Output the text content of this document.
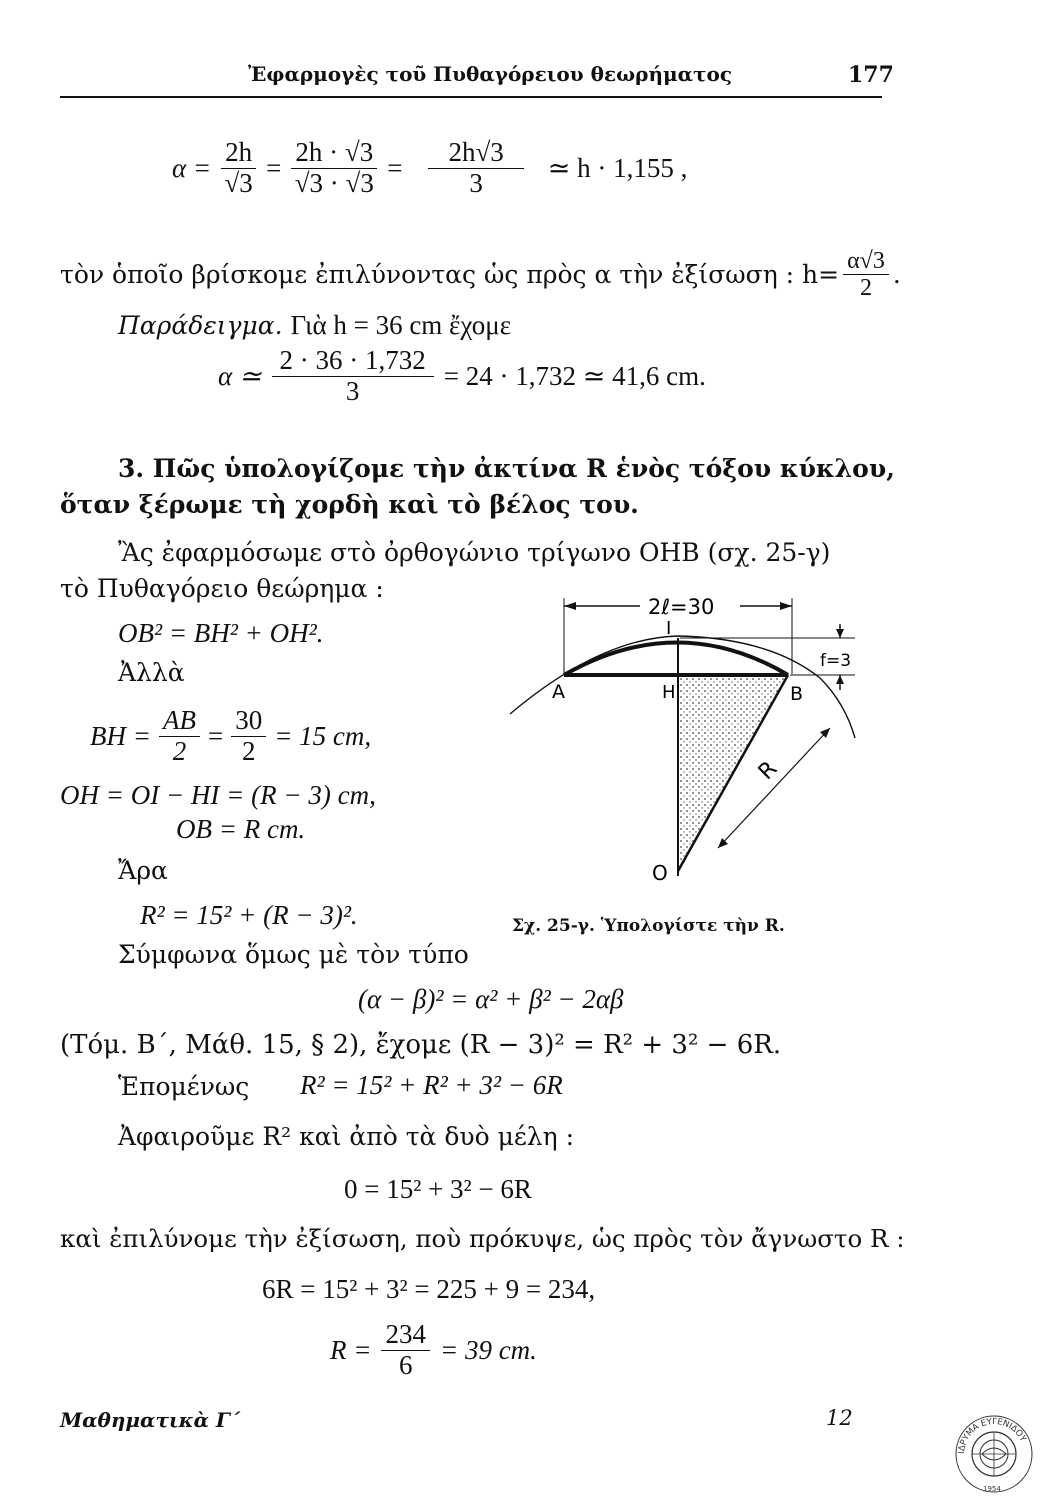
Ἐφαρμογὲς τοῦ Πυθαγόρειου θεωρήματος	177
$\alpha = \frac{2h}{√3} = \frac{2h \cdot √3}{√3 \cdot √3} = \frac{2h√3}{3}$ ≃ h · 1,155 ,
τὸν ὁποῖο βρίσκομε ἐπιλύνοντας ὡς πρὸς α τὴν ἐξίσωση : $h= \frac{\alpha√3}{2}$ .
Παράδειγμα. Γιὰ h = 36 cm ἔχομε
α ≃ $\frac{2 \cdot 36 \cdot 1,732}{3} = 24 \cdot 1,732$ ≃ 41,6 cm.
3. Πῶς ὑπολογίζομε τὴν ἀκτίνα R ἑνὸς τόξου κύκλου,
ὅταν ξέρωμε τὴ χορδὴ καὶ τὸ βέλος του.
Ἂς ἐφαρμόσωμε στὸ ὀρθογώνιο τρίγωνο OHB (σχ. 25-γ)
τὸ Πυθαγόρειο θεώρημα :
OB² = BH² + OH².
Ἀλλὰ
BH = $\frac{AB}{2} = \frac{30}{2} = 15$ cm,
OH = OI − HI = (R − 3) cm,
OB = R cm.
Ἄρα
R² = 15² + (R − 3)².
Σύμφωνα ὅμως μὲ τὸν τύπο
(α − β)² = α² + β² − 2αβ
(Τόμ. Β΄, Μάθ. 15, § 2), ἔχομε (R − 3)² = R² + 3² − 6R.
Ἑπομένως R² = 15² + R² + 3² − 6R
Ἀφαιροῦμε R² καὶ ἀπὸ τὰ δυὸ μέλη :
0 = 15² + 3² − 6R
καὶ ἐπιλύνομε τὴν ἐξίσωση, ποὺ πρόκυψε, ὡς πρὸς τὸν ἄγνωστο R :
6R = 15² + 3² = 225 + 9 = 234,
$R = \frac{234}{6} = 39$ cm.
2ℓ=30
f=3
R
A	H
I
B
O
Σχ. 25-γ. Ὑπολογίστε τὴν R.
Μαθηματικὰ Γ΄	12
ΙΔΡΥΜΑ ΕΥΓΕΝΙΔΟΥ
1954
